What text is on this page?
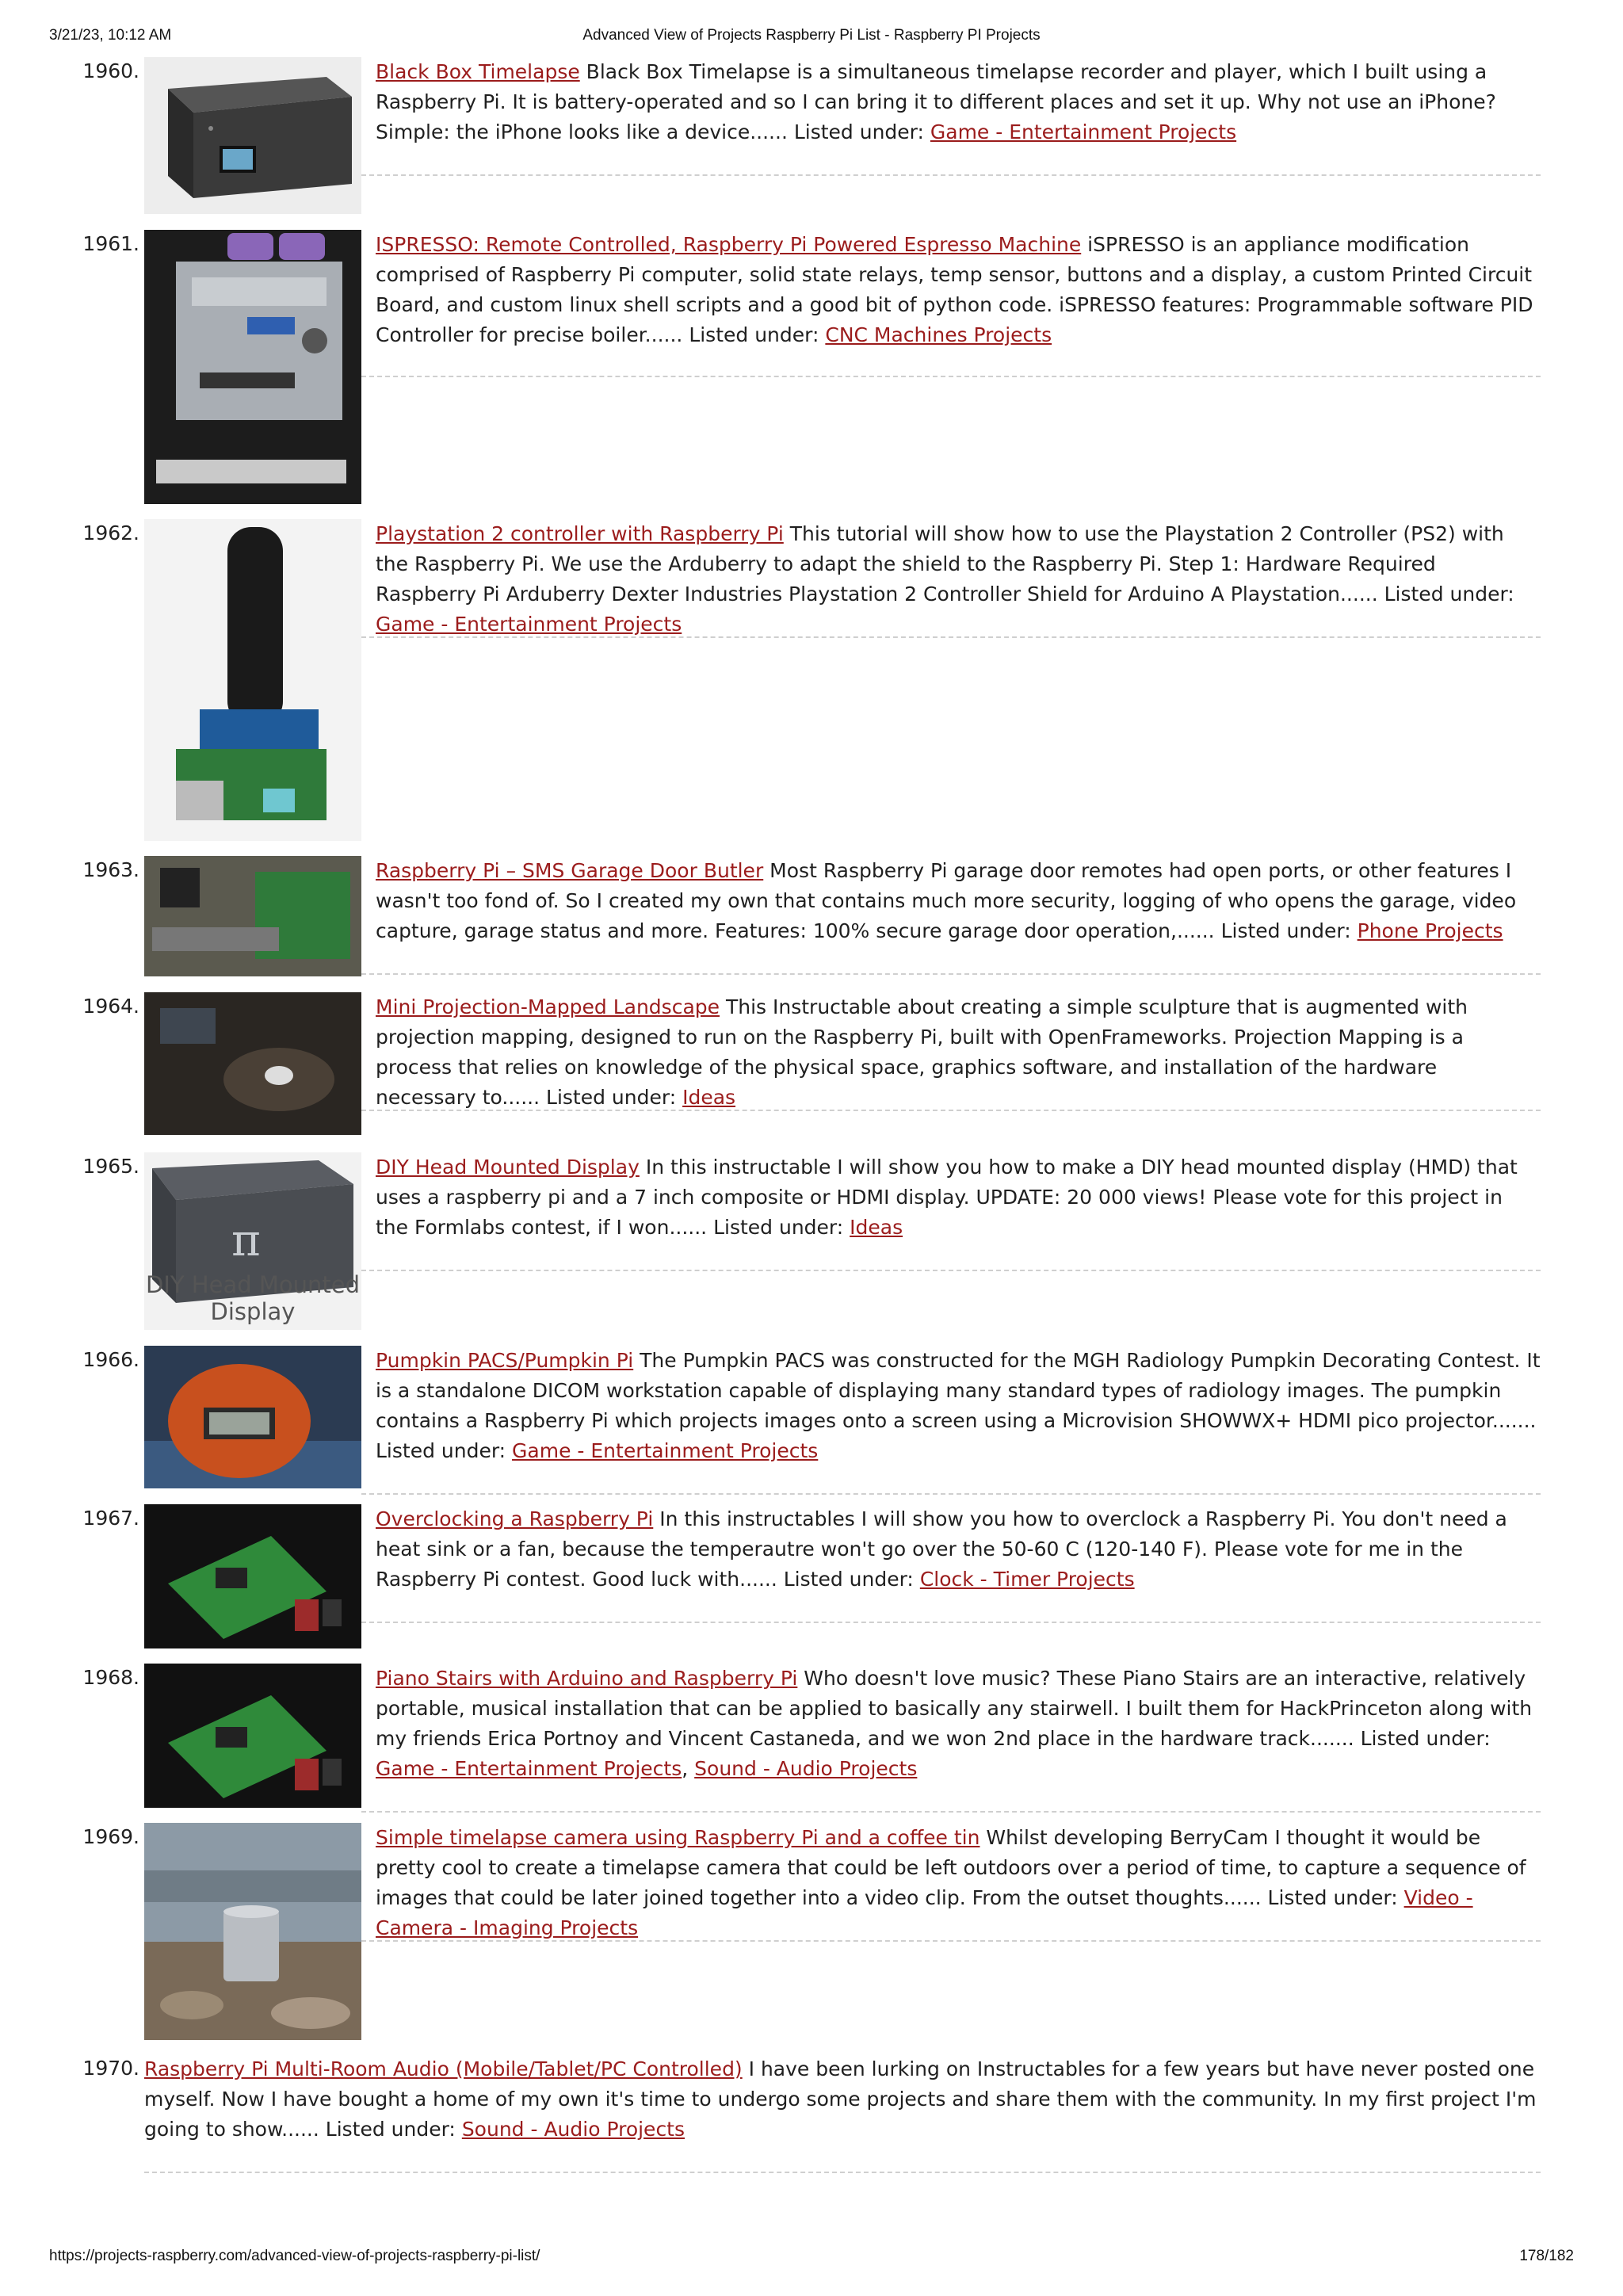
3/21/23, 10:12 AM	Advanced View of Projects Raspberry Pi List - Raspberry PI Projects
1960.	Black Box Timelapse Black Box Timelapse is a simultaneous timelapse recorder and player, which I built using a Raspberry Pi. It is battery-operated and so I can bring it to different places and set it up. Why not use an iPhone? Simple: the iPhone looks like a device...... Listed under: Game - Entertainment Projects
1961.	ISPRESSO: Remote Controlled, Raspberry Pi Powered Espresso Machine iSPRESSO is an appliance modification comprised of Raspberry Pi computer, solid state relays, temp sensor, buttons and a display, a custom Printed Circuit Board, and custom linux shell scripts and a good bit of python code. iSPRESSO features: Programmable software PID Controller for precise boiler...... Listed under: CNC Machines Projects
1962.	Playstation 2 controller with Raspberry Pi This tutorial will show how to use the Playstation 2 Controller (PS2) with the Raspberry Pi. We use the Arduberry to adapt the shield to the Raspberry Pi. Step 1: Hardware Required Raspberry Pi Arduberry Dexter Industries Playstation 2 Controller Shield for Arduino A Playstation...... Listed under: Game - Entertainment Projects
1963.	Raspberry Pi – SMS Garage Door Butler Most Raspberry Pi garage door remotes had open ports, or other features I wasn't too fond of. So I created my own that contains much more security, logging of who opens the garage, video capture, garage status and more. Features: 100% secure garage door operation,...... Listed under: Phone Projects
1964.	Mini Projection-Mapped Landscape This Instructable about creating a simple sculpture that is augmented with projection mapping, designed to run on the Raspberry Pi, built with OpenFrameworks. Projection Mapping is a process that relies on knowledge of the physical space, graphics software, and installation of the hardware necessary to...... Listed under: Ideas
1965.
π
DIY Head Mounted
Display
DIY Head Mounted Display In this instructable I will show you how to make a DIY head mounted display (HMD) that uses a raspberry pi and a 7 inch composite or HDMI display. UPDATE: 20 000 views! Please vote for this project in the Formlabs contest, if I won...... Listed under: Ideas
1966.	Pumpkin PACS/Pumpkin Pi The Pumpkin PACS was constructed for the MGH Radiology Pumpkin Decorating Contest. It is a standalone DICOM workstation capable of displaying many standard types of radiology images. The pumpkin contains a Raspberry Pi which projects images onto a screen using a Microvision SHOWWX+ HDMI pico projector....... Listed under: Game - Entertainment Projects
1967.	Overclocking a Raspberry Pi In this instructables I will show you how to overclock a Raspberry Pi. You don't need a heat sink or a fan, because the temperautre won't go over the 50-60 C (120-140 F). Please vote for me in the Raspberry Pi contest. Good luck with...... Listed under: Clock - Timer Projects
1968.	Piano Stairs with Arduino and Raspberry Pi Who doesn't love music? These Piano Stairs are an interactive, relatively portable, musical installation that can be applied to basically any stairwell. I built them for HackPrinceton along with my friends Erica Portnoy and Vincent Castaneda, and we won 2nd place in the hardware track....... Listed under: Game - Entertainment Projects, Sound - Audio Projects
1969.	Simple timelapse camera using Raspberry Pi and a coffee tin Whilst developing BerryCam I thought it would be pretty cool to create a timelapse camera that could be left outdoors over a period of time, to capture a sequence of images that could be later joined together into a video clip. From the outset thoughts...... Listed under: Video - Camera - Imaging Projects
1970. Raspberry Pi Multi-Room Audio (Mobile/Tablet/PC Controlled) I have been lurking on Instructables for a few years but have never posted one myself. Now I have bought a home of my own it's time to undergo some projects and share them with the community. In my first project I'm going to show...... Listed under: Sound - Audio Projects
https://projects-raspberry.com/advanced-view-of-projects-raspberry-pi-list/	178/182
